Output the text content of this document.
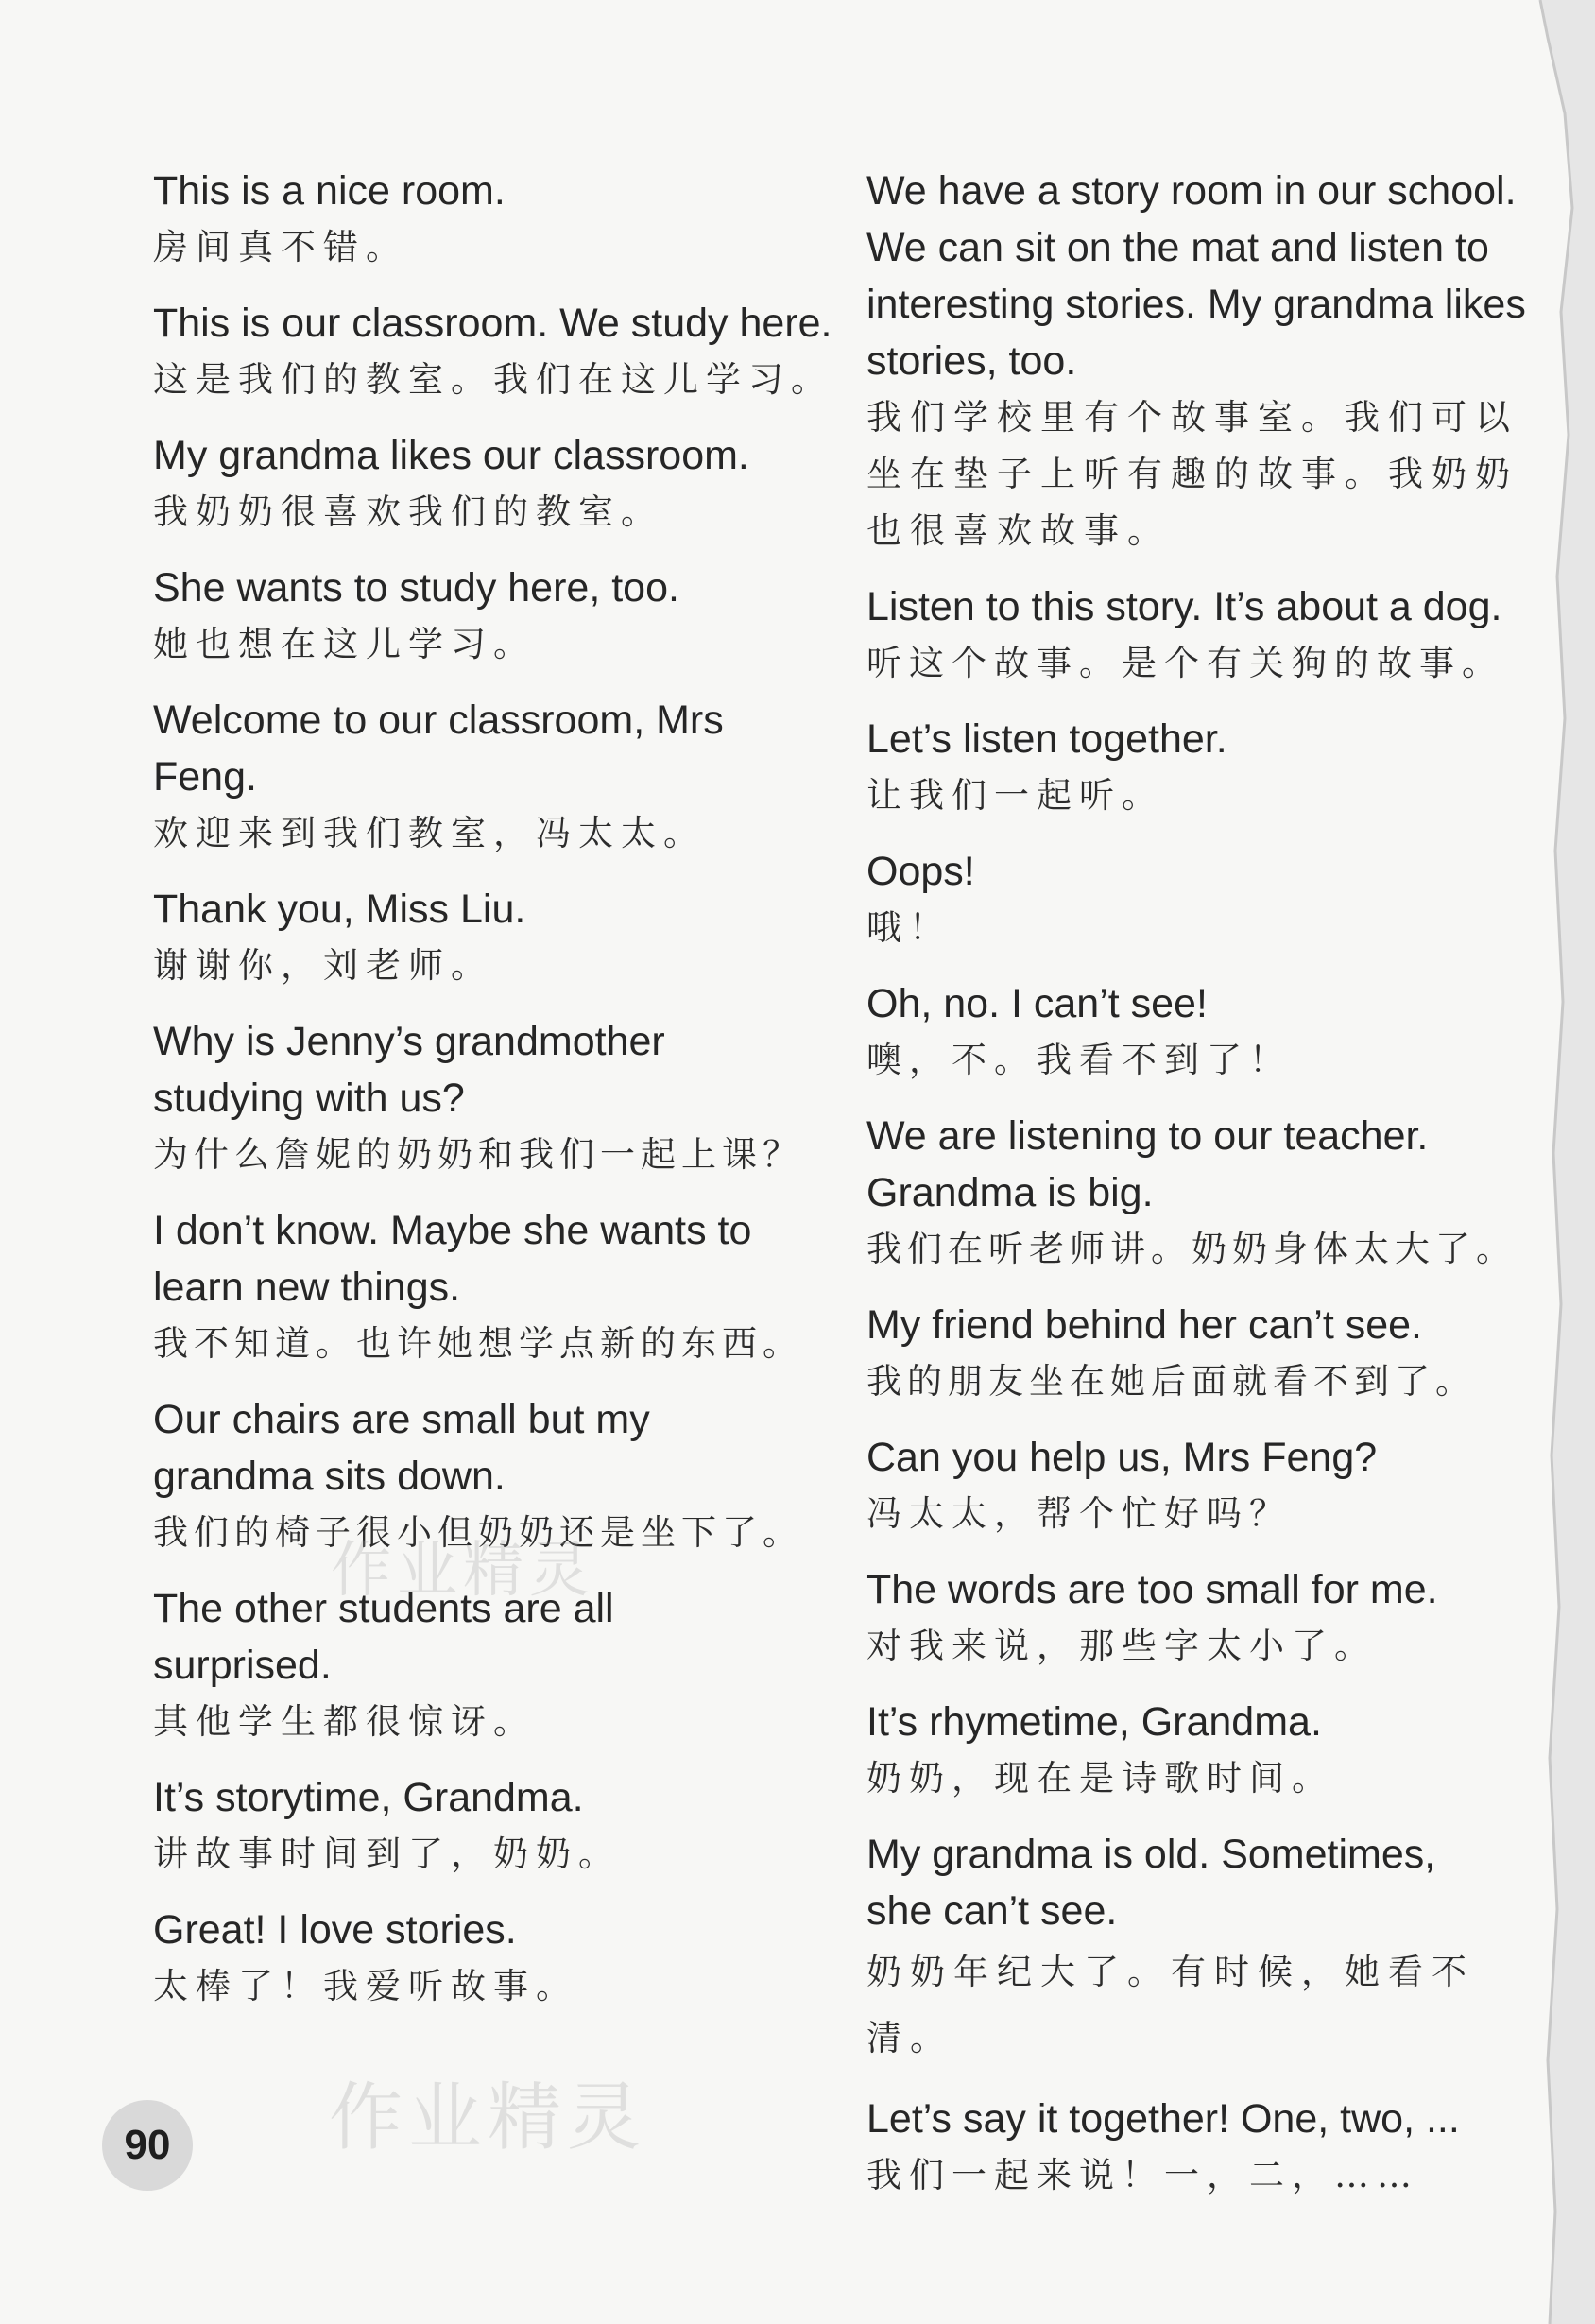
This is a nice room.
房间真不错。
This is our classroom. We study here.
这是我们的教室。我们在这儿学习。
My grandma likes our classroom.
我奶奶很喜欢我们的教室。
She wants to study here, too.
她也想在这儿学习。
Welcome to our classroom, Mrs Feng.
欢迎来到我们教室，冯太太。
Thank you, Miss Liu.
谢谢你，刘老师。
Why is Jenny’s grandmother studying with us?
为什么詹妮的奶奶和我们一起上课？
I don’t know. Maybe she wants to learn new things.
我不知道。也许她想学点新的东西。
Our chairs are small but my grandma sits down.
我们的椅子很小但奶奶还是坐下了。
The other students are all surprised.
其他学生都很惊讶。
It’s storytime, Grandma.
讲故事时间到了，奶奶。
Great! I love stories.
太棒了！我爱听故事。
We have a story room in our school. We can sit on the mat and listen to interesting stories. My grandma likes stories, too.
我们学校里有个故事室。我们可以坐在垫子上听有趣的故事。我奶奶也很喜欢故事。
Listen to this story. It’s about a dog.
听这个故事。是个有关狗的故事。
Let’s listen together.
让我们一起听。
Oops!
哦！
Oh, no. I can’t see!
噢，不。我看不到了！
We are listening to our teacher. Grandma is big.
我们在听老师讲。奶奶身体太大了。
My friend behind her can’t see.
我的朋友坐在她后面就看不到了。
Can you help us, Mrs Feng?
冯太太，帮个忙好吗？
The words are too small for me.
对我来说，那些字太小了。
It’s rhymetime, Grandma.
奶奶，现在是诗歌时间。
My grandma is old. Sometimes, she can’t see.
奶奶年纪大了。有时候，她看不清。
Let’s say it together! One, two, ...
我们一起来说！一，二，……
90	作业精灵
作业精灵
